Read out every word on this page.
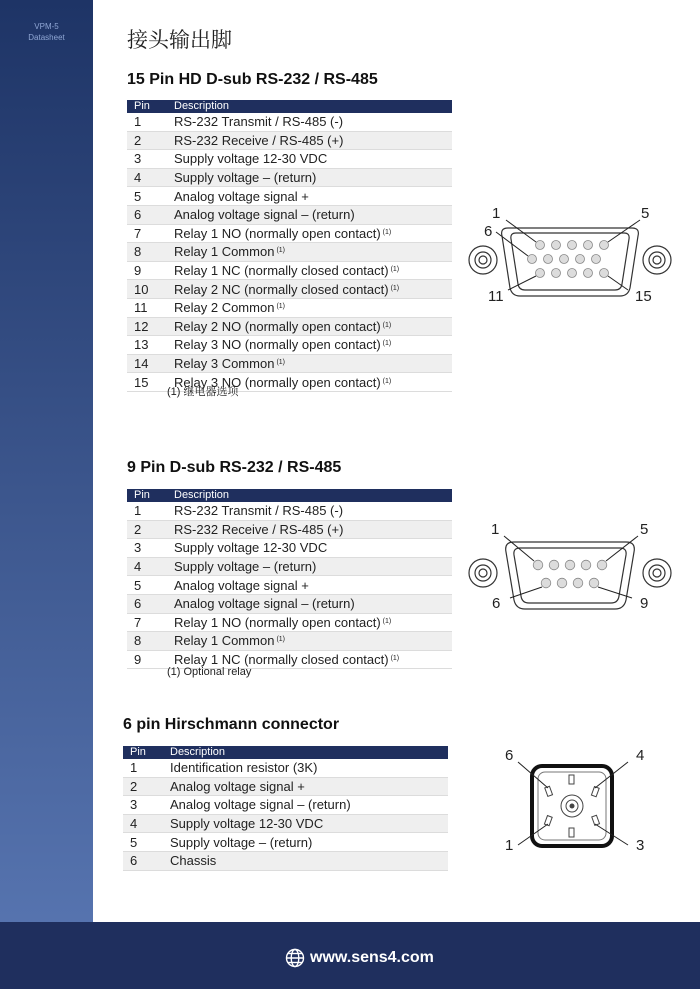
VPM-5
Datasheet	接头输出脚
15 Pin HD D-sub RS-232 / RS-485
Pin	Description
1	RS-232 Transmit / RS-485 (-)
2	RS-232 Receive / RS-485 (+)
3	Supply voltage 12-30 VDC
4	Supply voltage – (return)
5	Analog voltage signal +
6	Analog voltage signal – (return)
7	Relay 1 NO (normally open contact) $^{(1)}$
8	Relay 1 Common $^{(1)}$
9	Relay 1 NC (normally closed contact) $^{(1)}$
10	Relay 2 NC (normally closed contact) $^{(1)}$
11	Relay 2 Common $^{(1)}$
12	Relay 2 NO (normally open contact) $^{(1)}$
13	Relay 3 NO (normally open contact) $^{(1)}$
14	Relay 3 Common $^{(1)}$
15	Relay 3 NO (normally open contact) $^{(1)}$
(1) 继电器选项
1	5
6
11	15
9 Pin D-sub RS-232 / RS-485
Pin	Description
1	RS-232 Transmit / RS-485 (-)
2	RS-232 Receive / RS-485 (+)
3	Supply voltage 12-30 VDC
4	Supply voltage – (return)
5	Analog voltage signal +
6	Analog voltage signal – (return)
7	Relay 1 NO (normally open contact) $^{(1)}$
8	Relay 1 Common $^{(1)}$
9	Relay 1 NC (normally closed contact) $^{(1)}$
(1) Optional relay
1	5
6	9
6 pin Hirschmann connector
Pin	Description
1	Identification resistor (3K)
2	Analog voltage signal +
3	Analog voltage signal – (return)
4	Supply voltage 12-30 VDC
5	Supply voltage – (return)
6	Chassis
6	4
1	3
www.sens4.com
